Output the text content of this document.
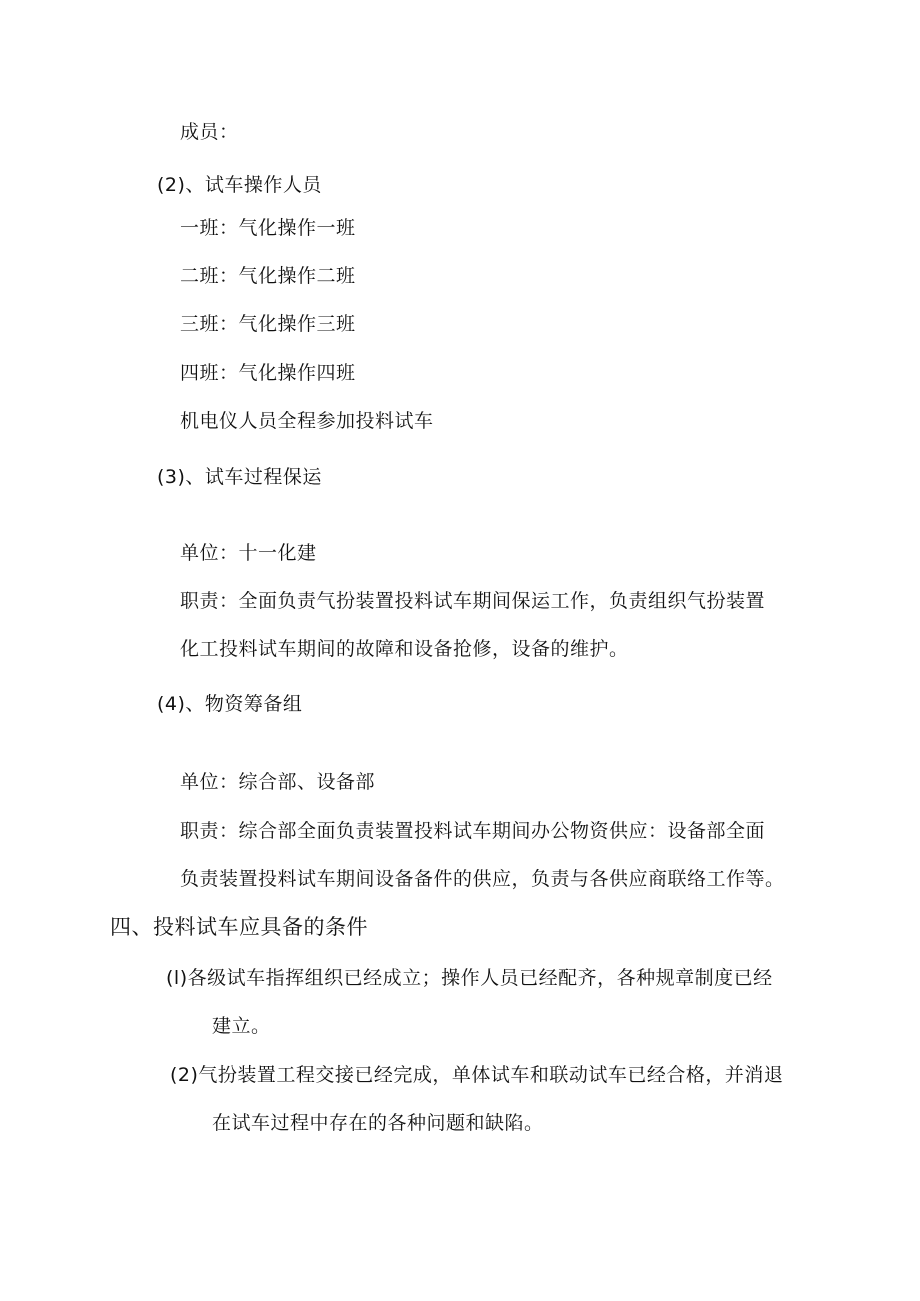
成员：
(2)、试车操作人员
一班：气化操作一班
二班：气化操作二班
三班：气化操作三班
四班：气化操作四班
机电仪人员全程参加投料试车
(3)、试车过程保运
单位：十一化建
职责：全面负责气扮装置投料试车期间保运工作，负责组织气扮装置
化工投料试车期间的故障和设备抢修，设备的维护。
(4)、物资筹备组
单位：综合部、设备部
职责：综合部全面负责装置投料试车期间办公物资供应：设备部全面
负责装置投料试车期间设备备件的供应，负责与各供应商联络工作等。
四、投料试车应具备的条件
(l)各级试车指挥组织已经成立；操作人员已经配齐，各种规章制度已经
建立。
(2)气扮装置工程交接已经完成，单体试车和联动试车已经合格，并消退
在试车过程中存在的各种问题和缺陷。
